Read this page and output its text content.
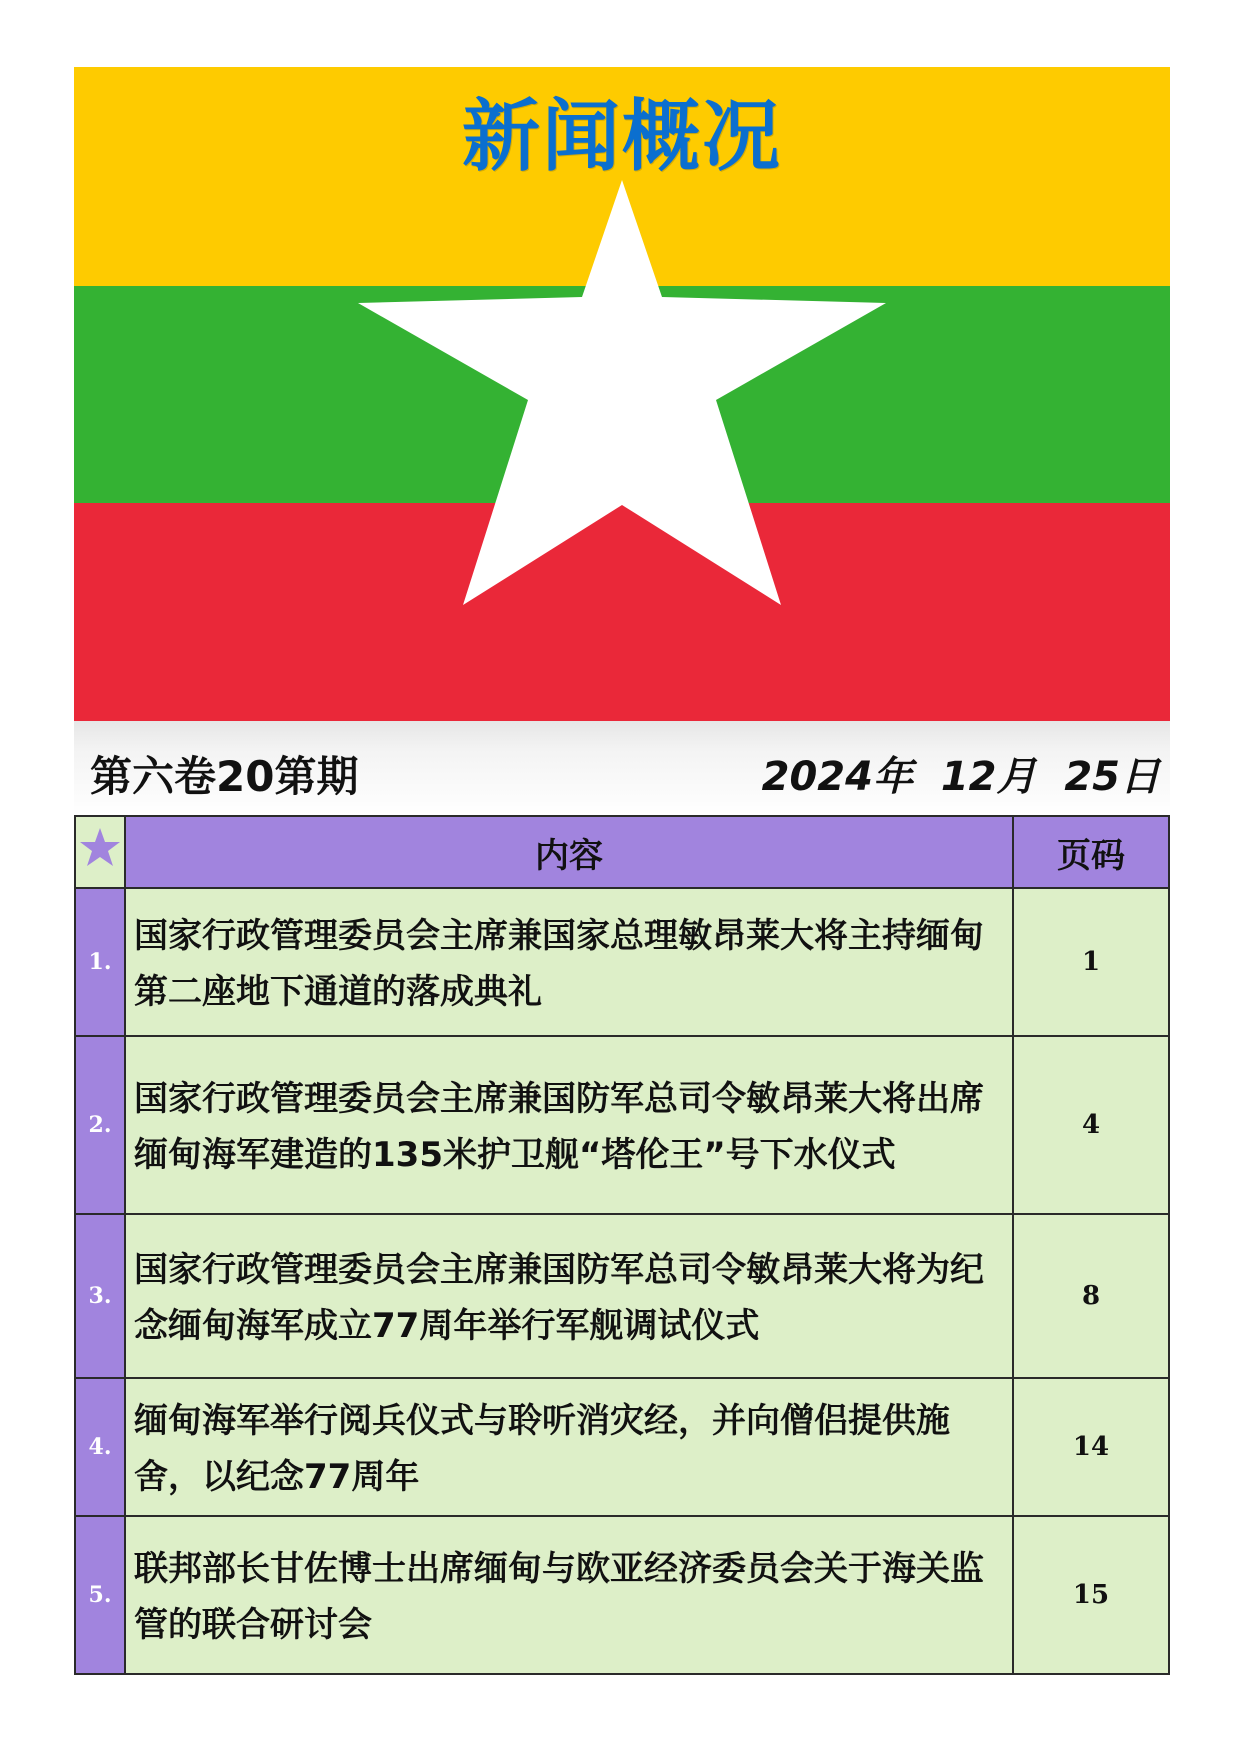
新闻概况
第六卷20第期	2024年  12月  25日
	内容	页码
1.	国家行政管理委员会主席兼国家总理敏昂莱大将主持缅甸第二座地下通道的落成典礼	1
2.	国家行政管理委员会主席兼国防军总司令敏昂莱大将出席缅甸海军建造的135米护卫舰“塔伦王”号下水仪式	4
3.	国家行政管理委员会主席兼国防军总司令敏昂莱大将为纪念缅甸海军成立77周年举行军舰调试仪式	8
4.	缅甸海军举行阅兵仪式与聆听消灾经，并向僧侣提供施舍，以纪念77周年	14
5.	联邦部长甘佐博士出席缅甸与欧亚经济委员会关于海关监管的联合研讨会	15
